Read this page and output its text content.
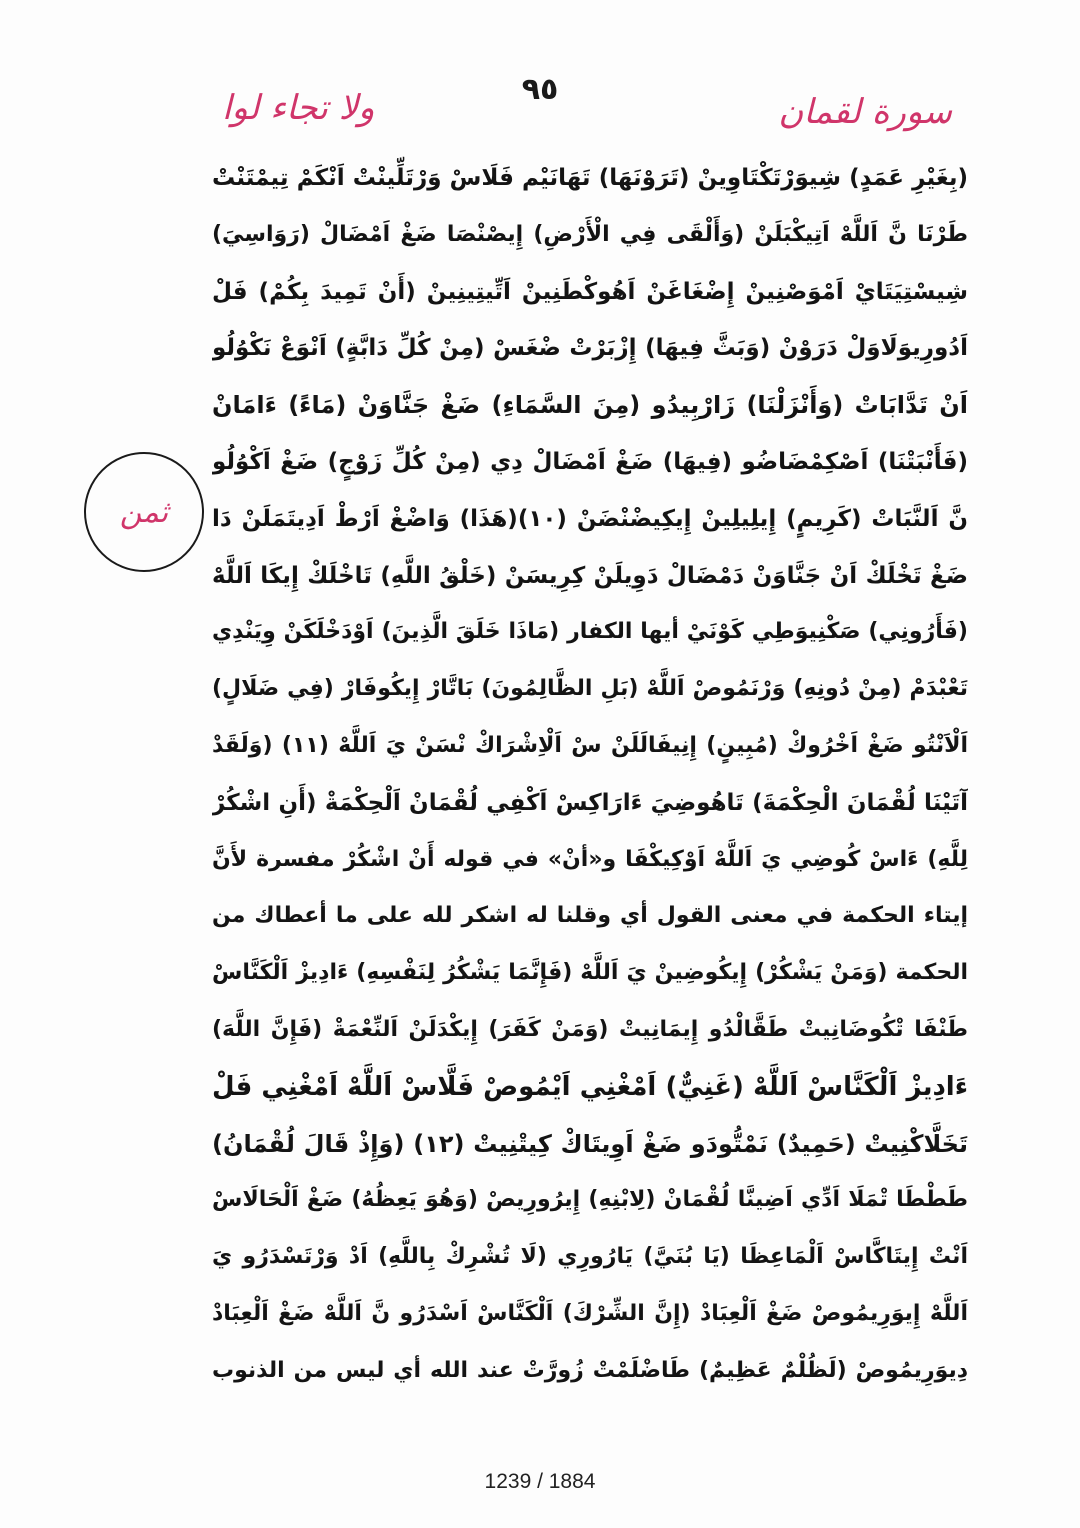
٩٥
سورة لقمان
ولا تجاء لوا
ثمن
(بِغَيْرِ عَمَدٍ) شِيوَرْتَكْتَاوِينْ (تَرَوْنَهَا) تَهَانَيْم فَلَاسْ وَرْتَلِّينْتْ اَنْكَمْ تِيمْتَنْتْ
طَرْنَا نَّ اَللَّهْ اَتِيكْبَلَنْ (وَأَلْقَى فِي الْأَرْضِ) إِيصْنْصَا ضَغْ اَمْضَالْ (رَوَاسِيَ)
شِيسْتِيَتَايْ اَمْوَصْنِينْ إِضْغَاغَنْ اَهُوكْطَنِينْ اَتِّيتِينِينْ (أَنْ تَمِيدَ بِكُمْ) فَلْ
اَدُورِيوَلَاوَلْ دَرَوْنْ (وَبَثَّ فِيهَا) إِزْبَرْتْ ضْغَسْ (مِنْ كُلِّ دَابَّةٍ) اَنْوَعْ نَكْوُلُو
اَنْ تَدَّابَاتْ (وَأَنْزَلْنَا) زَارْبِيدُو (مِنَ السَّمَاءِ) ضَغْ جَنَّاوَنْ (مَاءً) ءَامَانْ
(فَأَنْبَتْنَا) اَصْكِمْضَاضُو (فِيهَا) ضَغْ اَمْضَالْ دِي (مِنْ كُلِّ زَوْجٍ) ضَغْ اَكْوُلُو
نَّ اَلنَّبَاتْ (كَرِيمٍ) إِيلِيلِينْ إِيكِيضْنْضَنْ (١٠)(هَذَا) وَاضْغْ اَرْطْ اَدِيتَمَلَنْ دَا
ضَغْ تَخْلَكْ اَنْ جَنَّاوَنْ دَمْضَالْ دَوِيلَنْ كِرِيسَنْ (خَلْقُ اللَّهِ) تَاخْلَكْ إِيكَا اَللَّهْ
(فَأَرُونِي) صَكْنِيوَطِي كَوْنَيْ أيها الكفار (مَاذَا خَلَقَ الَّذِينَ) اَوْدَخْلَكَنْ وِيَنْدِي
تَعْبْدَمْ (مِنْ دُونِهِ) وَرْنَمُوصْ اَللَّهْ (بَلِ الظَّالِمُونَ) بَاتَّارْ إِيكُوفَارْ (فِي ضَلَالٍ)
اَلْاَنْتُو ضَغْ اَخْرُوكْ (مُبِينٍ) إِنِيفَالَلَنْ سْ اَلْاِشْرَاكْ نْسَنْ يَ اَللَّهْ (١١) (وَلَقَدْ
آتَيْنَا لُقْمَانَ الْحِكْمَةَ) تَاهُوضِيَ ءَارَاكِسْ اَكْفِي لُقْمَانْ اَلْحِكْمَةْ (أَنِ اشْكُرْ
لِلَّهِ) ءَاسْ كُوضِي يَ اَللَّهْ اَوْكِيكْفَا و«أنْ» في قوله أَنْ اشْكُرْ مفسرة لأَنَّ
إيتاء الحكمة في معنى القول أي وقلنا له اشكر لله على ما أعطاك من
الحكمة (وَمَنْ يَشْكُرْ) إِيكُوضِينْ يَ اَللَّهْ (فَإِنَّمَا يَشْكُرُ لِنَفْسِهِ) ءَادِيزْ اَلْكَنَّاسْ
طَنْفَا تْكُوضَانِيتْ طَقَّالْدُو إِيمَانِيتْ (وَمَنْ كَفَرَ) إِيكْدَلَنْ اَلنِّعْمَةْ (فَإِنَّ اللَّهَ)
ءَادِيزْ اَلْكَنَّاسْ اَللَّهْ (غَنِيٌّ) اَمْغْنِي اَيْمُوصْ فَلَّاسْ اَللَّهْ اَمْغْنِي فَلْ
تَخَلَّاكْنِيتْ (حَمِيدٌ) نَمْتُّودَو ضَغْ اَوِيتَاكْ كِيتْنِيتْ (١٢) (وَإِذْ قَالَ لُقْمَانُ)
طَطْطَا تْمَلَا اَدِّي اَضِينَّا لُقْمَانْ (لِابْنِهِ) إِيرُورِيصْ (وَهُوَ يَعِظُهُ) ضَغْ اَلْحَالَاسْ
اَنْتْ إِيتَاكَّاسْ اَلْمَاعِظَا (يَا بُنَيَّ) يَارُورِي (لَا تُشْرِكْ بِاللَّهِ) اَدْ وَرْتَسْدَرُو يَ
اَللَّهْ إِيوَرِيمُوصْ ضَغْ اَلْعِبَادْ (إِنَّ الشِّرْكَ) اَلْكَنَّاسْ اَسْدَرُو نَّ اَللَّهْ ضَغْ اَلْعِبَادْ
دِيوَرِيمُوصْ (لَظُلْمٌ عَظِيمٌ) طَاضْلَمْتْ زُورَّتْ عند الله أي ليس من الذنوب
1239 / 1884
